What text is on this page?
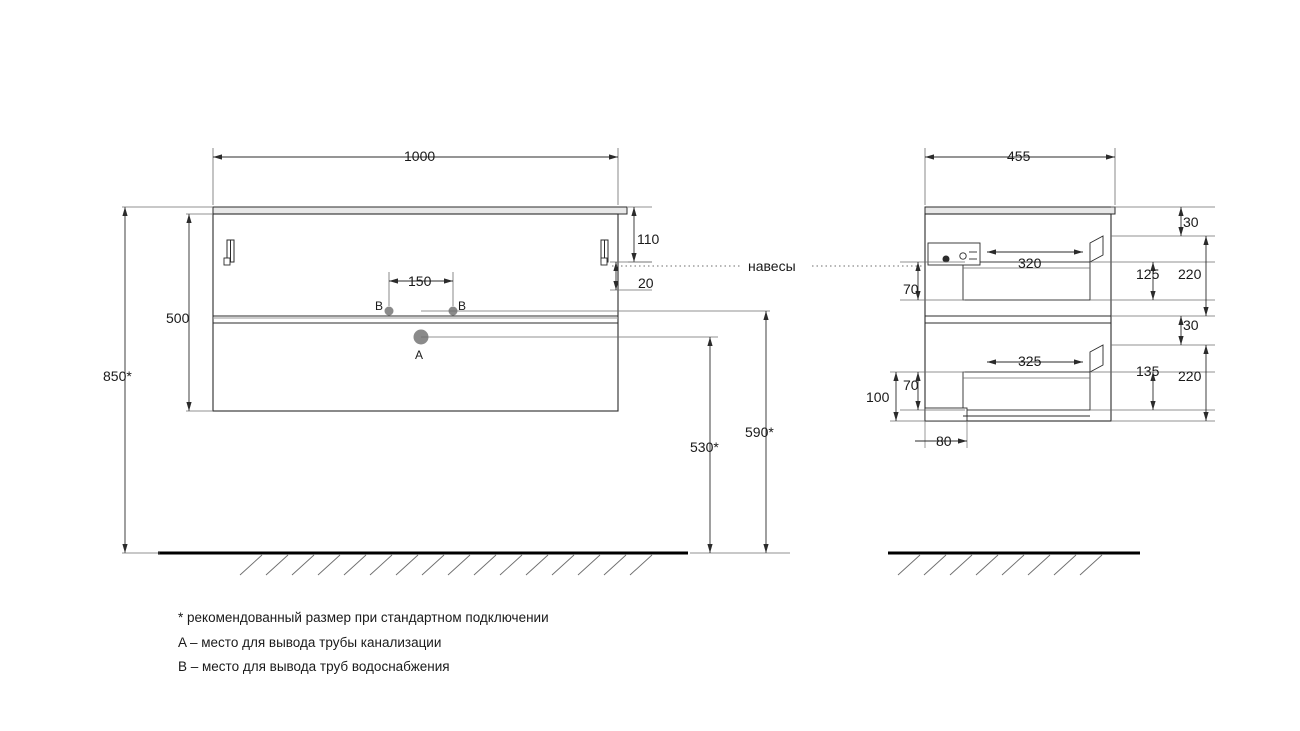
1000
500
850*
110
20
150
530*
590*
B	B
A
навесы
455
30
320
125 220
70
30
325
135 220
70
100
80
* рекомендованный размер при стандартном подключении
A – место для вывода трубы канализации
B – место для вывода труб водоснабжения
